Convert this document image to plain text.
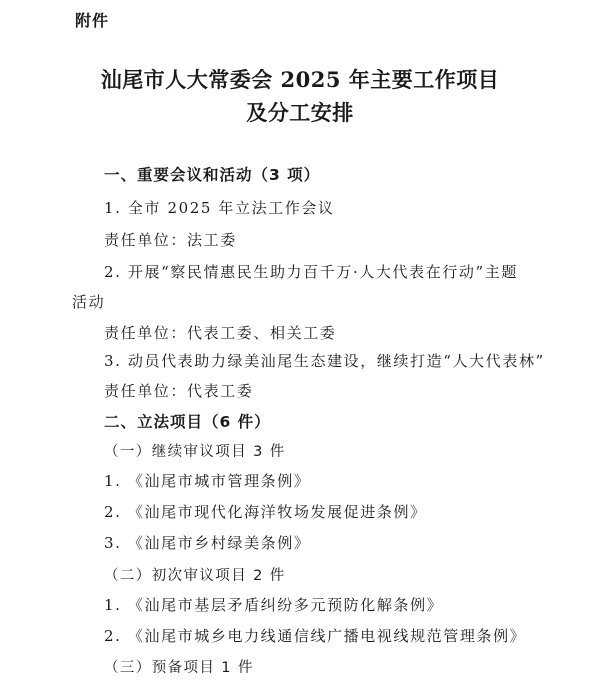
附件
汕尾市人大常委会 2025 年主要工作项目
及分工安排
一、重要会议和活动（3 项）
1. 全市 2025 年立法工作会议
责任单位：法工委
2. 开展“察民情惠民生助力百千万·人大代表在行动”主题
活动
责任单位：代表工委、相关工委
3. 动员代表助力绿美汕尾生态建设，继续打造“人大代表林”
责任单位：代表工委
二、立法项目（6 件）
（一）继续审议项目 3 件
1. 《汕尾市城市管理条例》
2. 《汕尾市现代化海洋牧场发展促进条例》
3. 《汕尾市乡村绿美条例》
（二）初次审议项目 2 件
1. 《汕尾市基层矛盾纠纷多元预防化解条例》
2. 《汕尾市城乡电力线通信线广播电视线规范管理条例》
（三）预备项目 1 件
